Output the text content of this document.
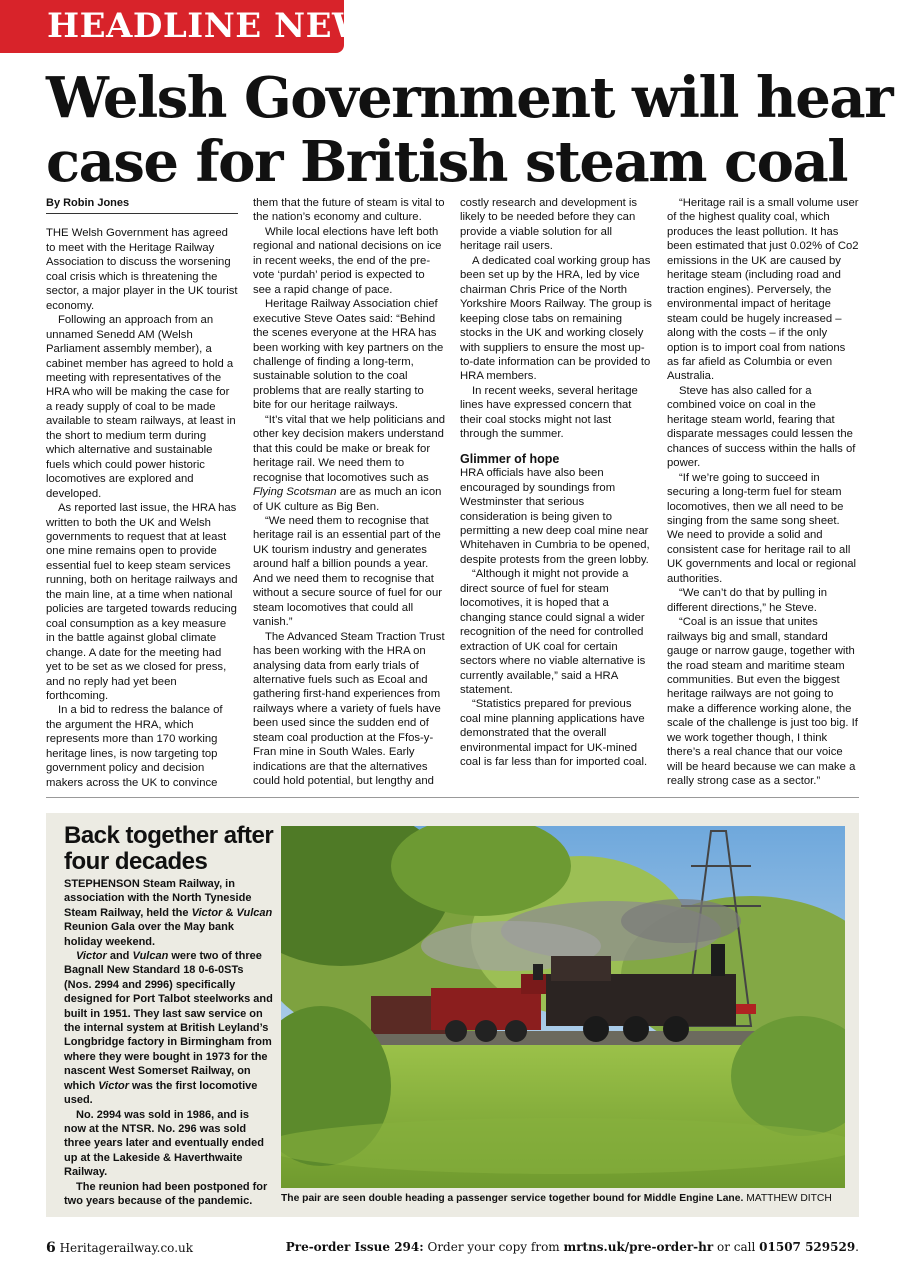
HEADLINE NEWS
Welsh Government will hear
case for British steam coal

By Robin Jones

THE Welsh Government has agreed to meet with the Heritage Railway Association to discuss the worsening coal crisis which is threatening the sector, a major player in the UK tourist economy.

Following an approach from an unnamed Senedd AM (Welsh Parliament assembly member), a cabinet member has agreed to hold a meeting with representatives of the HRA who will be making the case for a ready supply of coal to be made available to steam railways, at least in the short to medium term during which alternative and sustainable fuels which could power historic locomotives are explored and developed.

As reported last issue, the HRA has written to both the UK and Welsh governments to request that at least one mine remains open to provide essential fuel to keep steam services running, both on heritage railways and the main line, at a time when national policies are targeted towards reducing coal consumption as a key measure in the battle against global climate change. A date for the meeting had yet to be set as we closed for press, and no reply had yet been forthcoming.

In a bid to redress the balance of the argument the HRA, which represents more than 170 working heritage lines, is now targeting top government policy and decision makers across the UK to convince

them that the future of steam is vital to the nation’s economy and culture.

While local elections have left both regional and national decisions on ice in recent weeks, the end of the pre-vote ‘purdah’ period is expected to see a rapid change of pace.

Heritage Railway Association chief executive Steve Oates said: “Behind the scenes everyone at the HRA has been working with key partners on the challenge of finding a long-term, sustainable solution to the coal problems that are really starting to bite for our heritage railways.

“It’s vital that we help politicians and other key decision makers understand that this could be make or break for heritage rail. We need them to recognise that locomotives such as Flying Scotsman are as much an icon of UK culture as Big Ben.

“We need them to recognise that heritage rail is an essential part of the UK tourism industry and generates around half a billion pounds a year. And we need them to recognise that without a secure source of fuel for our steam locomotives that could all vanish.”

The Advanced Steam Traction Trust has been working with the HRA on analysing data from early trials of alternative fuels such as Ecoal and gathering first-hand experiences from railways where a variety of fuels have been used since the sudden end of steam coal production at the Ffos-y-Fran mine in South Wales. Early indications are that the alternatives could hold potential, but lengthy and

costly research and development is likely to be needed before they can provide a viable solution for all heritage rail users.

A dedicated coal working group has been set up by the HRA, led by vice chairman Chris Price of the North Yorkshire Moors Railway. The group is keeping close tabs on remaining stocks in the UK and working closely with suppliers to ensure the most up-to-date information can be provided to HRA members.

In recent weeks, several heritage lines have expressed concern that their coal stocks might not last through the summer.

Glimmer of hope

HRA officials have also been encouraged by soundings from Westminster that serious consideration is being given to permitting a new deep coal mine near Whitehaven in Cumbria to be opened, despite protests from the green lobby.

“Although it might not provide a direct source of fuel for steam locomotives, it is hoped that a changing stance could signal a wider recognition of the need for controlled extraction of UK coal for certain sectors where no viable alternative is currently available,” said a HRA statement.

“Statistics prepared for previous coal mine planning applications have demonstrated that the overall environmental impact for UK-mined coal is far less than for imported coal.

“Heritage rail is a small volume user of the highest quality coal, which produces the least pollution. It has been estimated that just 0.02% of Co2 emissions in the UK are caused by heritage steam (including road and traction engines). Perversely, the environmental impact of heritage steam could be hugely increased – along with the costs – if the only option is to import coal from nations as far afield as Columbia or even Australia.

Steve has also called for a combined voice on coal in the heritage steam world, fearing that disparate messages could lessen the chances of success within the halls of power.

“If we’re going to succeed in securing a long-term fuel for steam locomotives, then we all need to be singing from the same song sheet. We need to provide a solid and consistent case for heritage rail to all UK governments and local or regional authorities.

“We can’t do that by pulling in different directions,” he Steve.

“Coal is an issue that unites railways big and small, standard gauge or narrow gauge, together with the road steam and maritime steam communities. But even the biggest heritage railways are not going to make a difference working alone, the scale of the challenge is just too big. If we work together though, I think there’s a real chance that our voice will be heard because we can make a really strong case as a sector.”

Back together after four decades

STEPHENSON Steam Railway, in association with the North Tyneside Steam Railway, held the Victor & Vulcan Reunion Gala over the May bank holiday weekend.

Victor and Vulcan were two of three Bagnall New Standard 18 0-6-0STs (Nos. 2994 and 2996) specifically designed for Port Talbot steelworks and built in 1951. They last saw service on the internal system at British Leyland’s Longbridge factory in Birmingham from where they were bought in 1973 for the nascent West Somerset Railway, on which Victor was the first locomotive used.

No. 2994 was sold in 1986, and is now at the NTSR. No. 296 was sold three years later and eventually ended up at the Lakeside & Haverthwaite Railway.

The reunion had been postponed for two years because of the pandemic.	The pair are seen double heading a passenger service together bound for Middle Engine Lane. MATTHEW DITCH
6 Heritagerailway.co.uk	Pre-order Issue 294: Order your copy from mrtns.uk/pre-order-hr or call 01507 529529.
